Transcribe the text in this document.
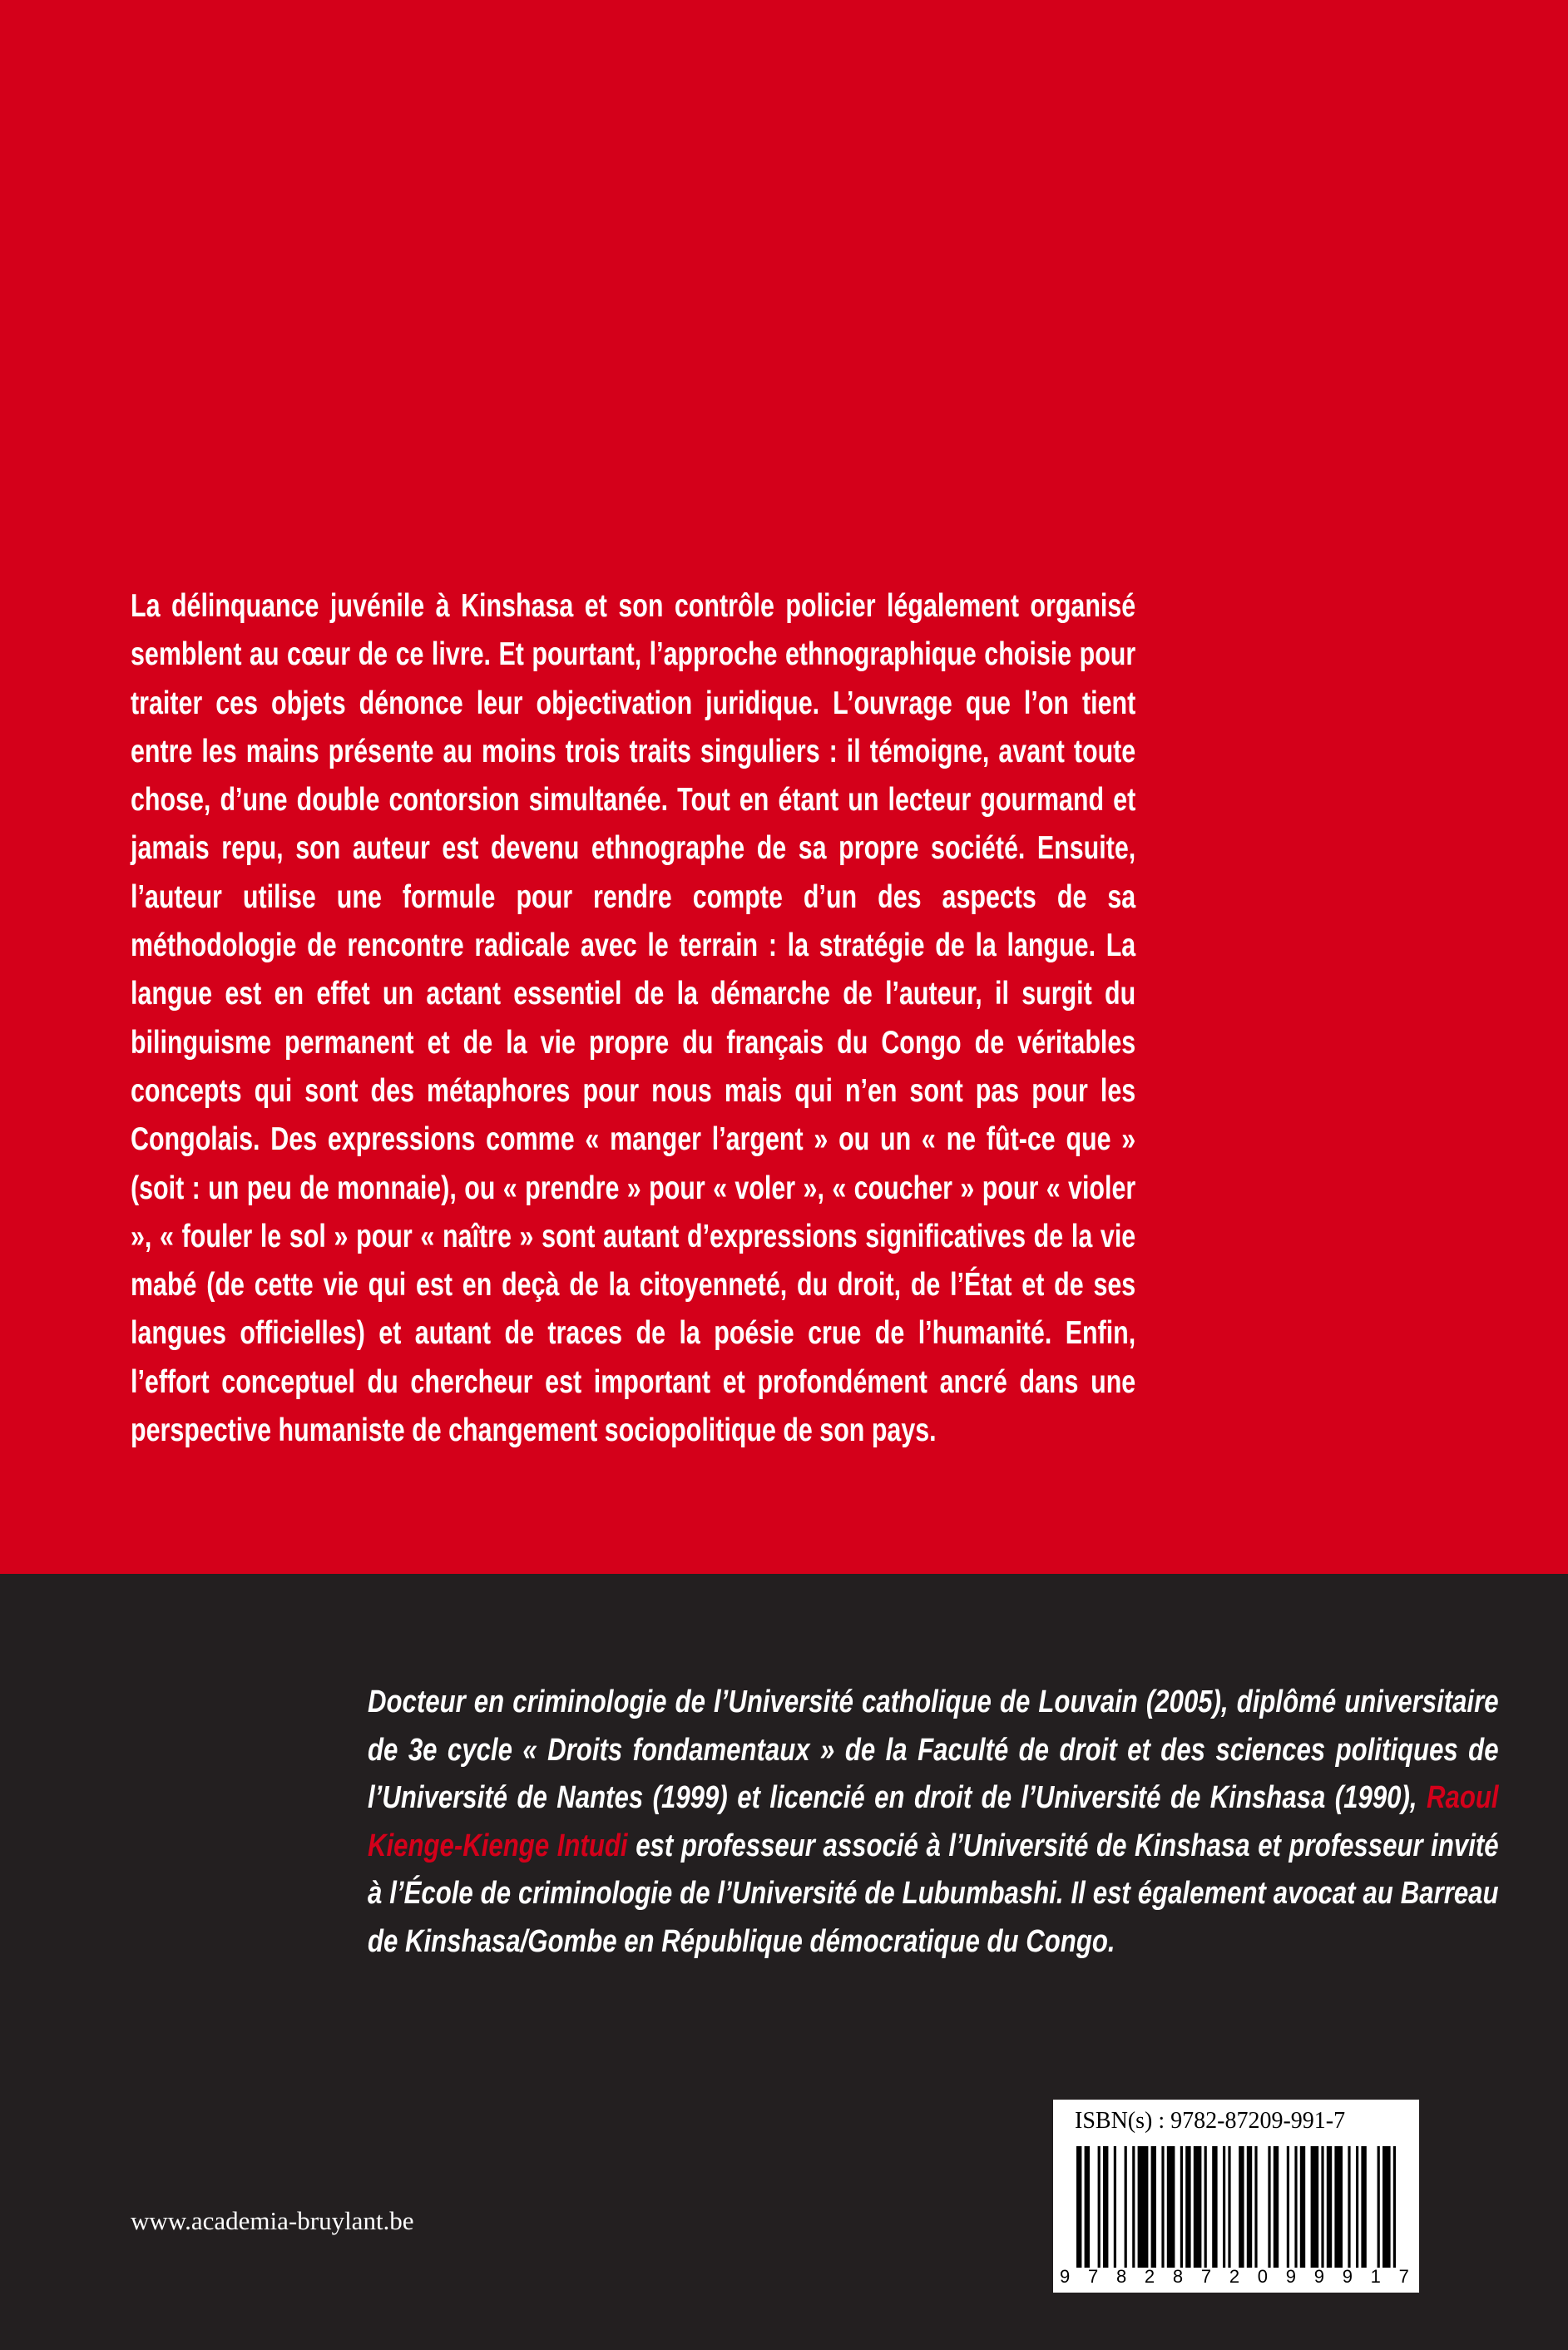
La délinquance juvénile à Kinshasa et son contrôle policier légalement organisé semblent au cœur de ce livre. Et pourtant, l’approche ethnographique choisie pour traiter ces objets dénonce leur objectivation juridique. L’ouvrage que l’on tient entre les mains présente au moins trois traits singuliers : il témoigne, avant toute chose, d’une double contorsion simultanée. Tout en étant un lecteur gourmand et jamais repu, son auteur est devenu ethnographe de sa propre société. Ensuite, l’auteur utilise une formule pour rendre compte d’un des aspects de sa méthodologie de rencontre radicale avec le terrain : la stratégie de la langue. La langue est en effet un actant essentiel de la démarche de l’auteur, il surgit du bilinguisme permanent et de la vie propre du français du Congo de véritables concepts qui sont des métaphores pour nous mais qui n’en sont pas pour les Congolais. Des expressions comme « manger l’argent » ou un « ne fût-ce que » (soit : un peu de monnaie), ou « prendre » pour « voler », « coucher » pour « violer », « fouler le sol » pour « naître » sont autant d’expressions significatives de la vie mabé (de cette vie qui est en deçà de la citoyenneté, du droit, de l’État et de ses langues officielles) et autant de traces de la poésie crue de l’humanité. Enfin, l’effort conceptuel du chercheur est important et profondément ancré dans une perspective humaniste de changement sociopolitique de son pays.

Docteur en criminologie de l’Université catholique de Louvain (2005), diplômé universitaire de 3e cycle « Droits fondamentaux » de la Faculté de droit et des sciences politiques de l’Université de Nantes (1999) et licencié en droit de l’Université de Kinshasa (1990), Raoul Kienge-Kienge Intudi est professeur associé à l’Université de Kinshasa et professeur invité à l’École de criminologie de l’Université de Lubumbashi. Il est également avocat au Barreau de Kinshasa/Gombe en République démocratique du Congo.

www.academia-bruylant.be
ISBN(s) : 9782-87209-991-7
9 7 8 2 8 7 2 0 9 9 9 1 7
